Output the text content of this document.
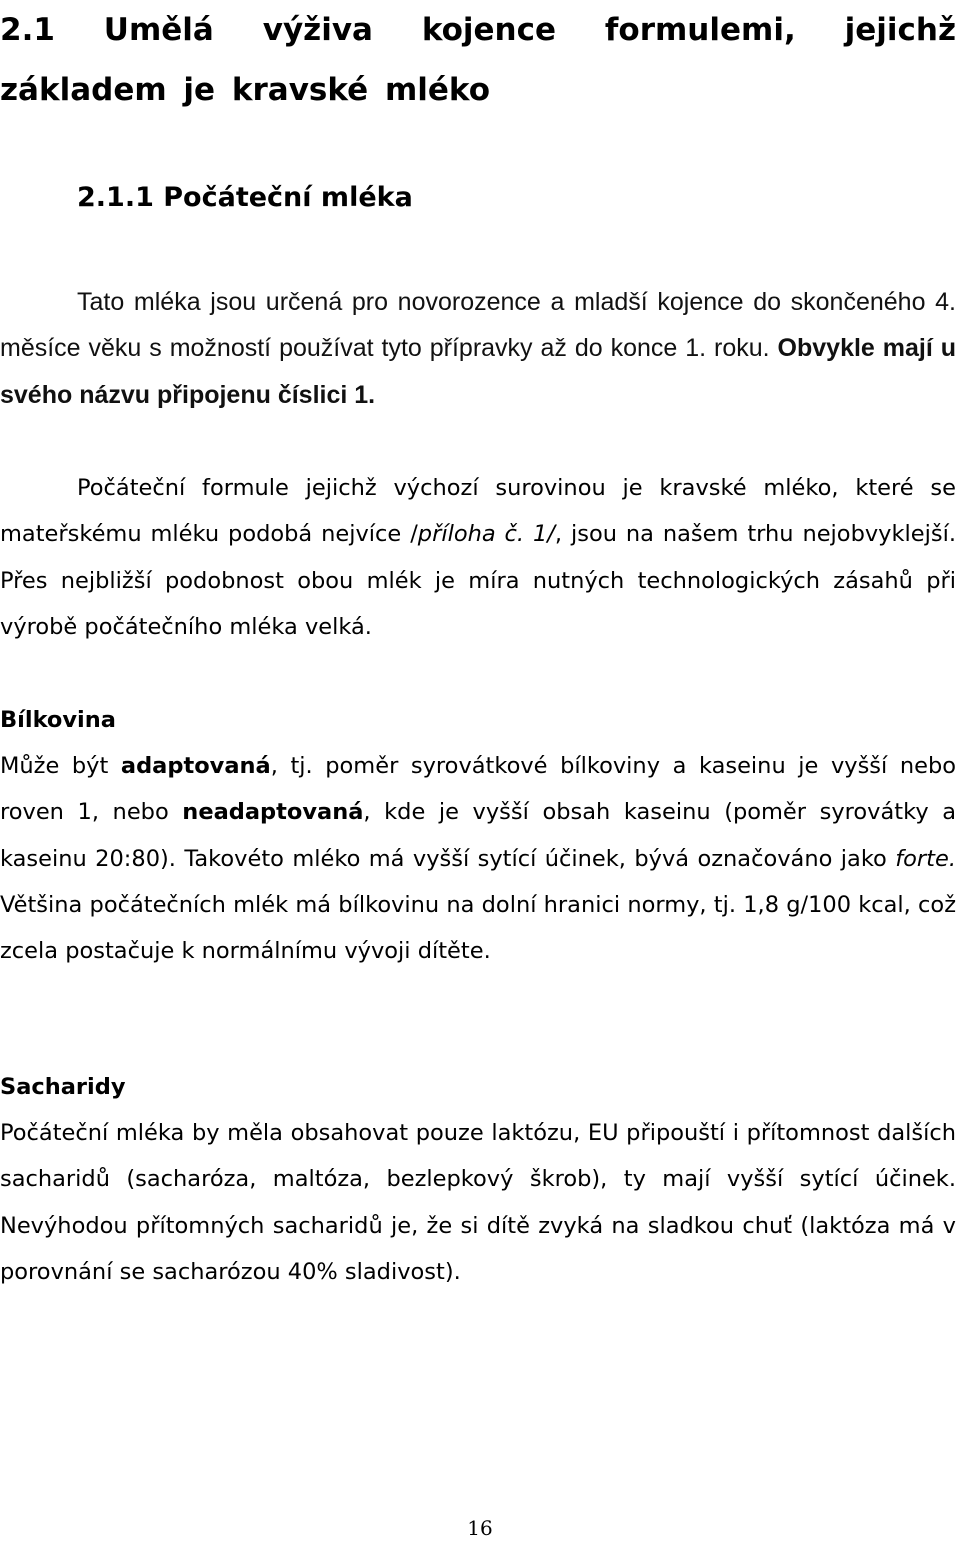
2.1 Umělá výživa kojence formulemi, jejichž základem je kravské mléko
2.1.1 Počáteční mléka

Tato mléka jsou určená pro novorozence a mladší kojence do skončeného 4. měsíce věku s možností používat tyto přípravky až do konce 1. roku. Obvykle mají u svého názvu připojenu číslici 1.

Počáteční formule jejichž výchozí surovinou je kravské mléko, které se mateřskému mléku podobá nejvíce /příloha č. 1/, jsou na našem trhu nejobvyklejší. Přes nejbližší podobnost obou mlék je míra nutných technologických zásahů při výrobě počátečního mléka velká.

Bílkovina

Může být adaptovaná, tj. poměr syrovátkové bílkoviny a kaseinu je vyšší nebo roven 1, nebo neadaptovaná, kde je vyšší obsah kaseinu (poměr syrovátky a kaseinu 20:80). Takovéto mléko má vyšší sytící účinek, bývá označováno jako forte. Většina počátečních mlék má bílkovinu na dolní hranici normy, tj. 1,8 g/100 kcal, což zcela postačuje k normálnímu vývoji dítěte.

Sacharidy

Počáteční mléka by měla obsahovat pouze laktózu, EU připouští i přítomnost dalších sacharidů (sacharóza, maltóza, bezlepkový škrob), ty mají vyšší sytící účinek. Nevýhodou přítomných sacharidů je, že si dítě zvyká na sladkou chuť (laktóza má v porovnání se sacharózou 40% sladivost).

16
